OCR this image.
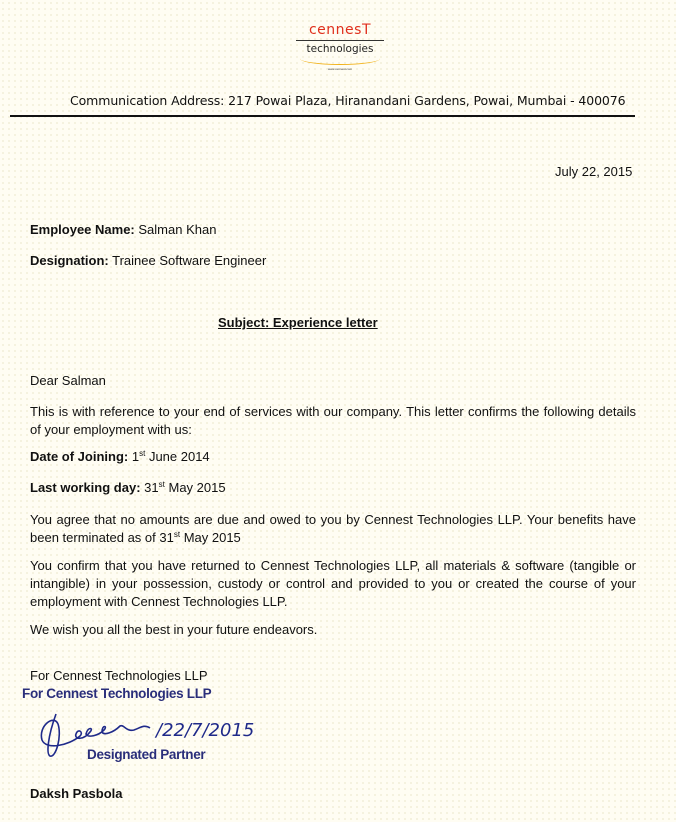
cennesT
technologies
www.cennest.com
Communication Address: 217 Powai Plaza, Hiranandani Gardens, Powai, Mumbai - 400076
July 22, 2015
Employee Name: Salman Khan
Designation: Trainee Software Engineer
Subject: Experience letter
Dear Salman
This is with reference to your end of services with our company. This letter confirms the following details of your employment with us:
Date of Joining: 1st June 2014
Last working day: 31st May 2015
You agree that no amounts are due and owed to you by Cennest Technologies LLP. Your benefits have been terminated as of 31st May 2015
You confirm that you have returned to Cennest Technologies LLP, all materials & software (tangible or intangible) in your possession, custody or control and provided to you or created the course of your employment with Cennest Technologies LLP.
We wish you all the best in your future endeavors.
For Cennest Technologies LLP
For Cennest Technologies LLP
/22/7/2015
Designated Partner
Daksh Pasbola
